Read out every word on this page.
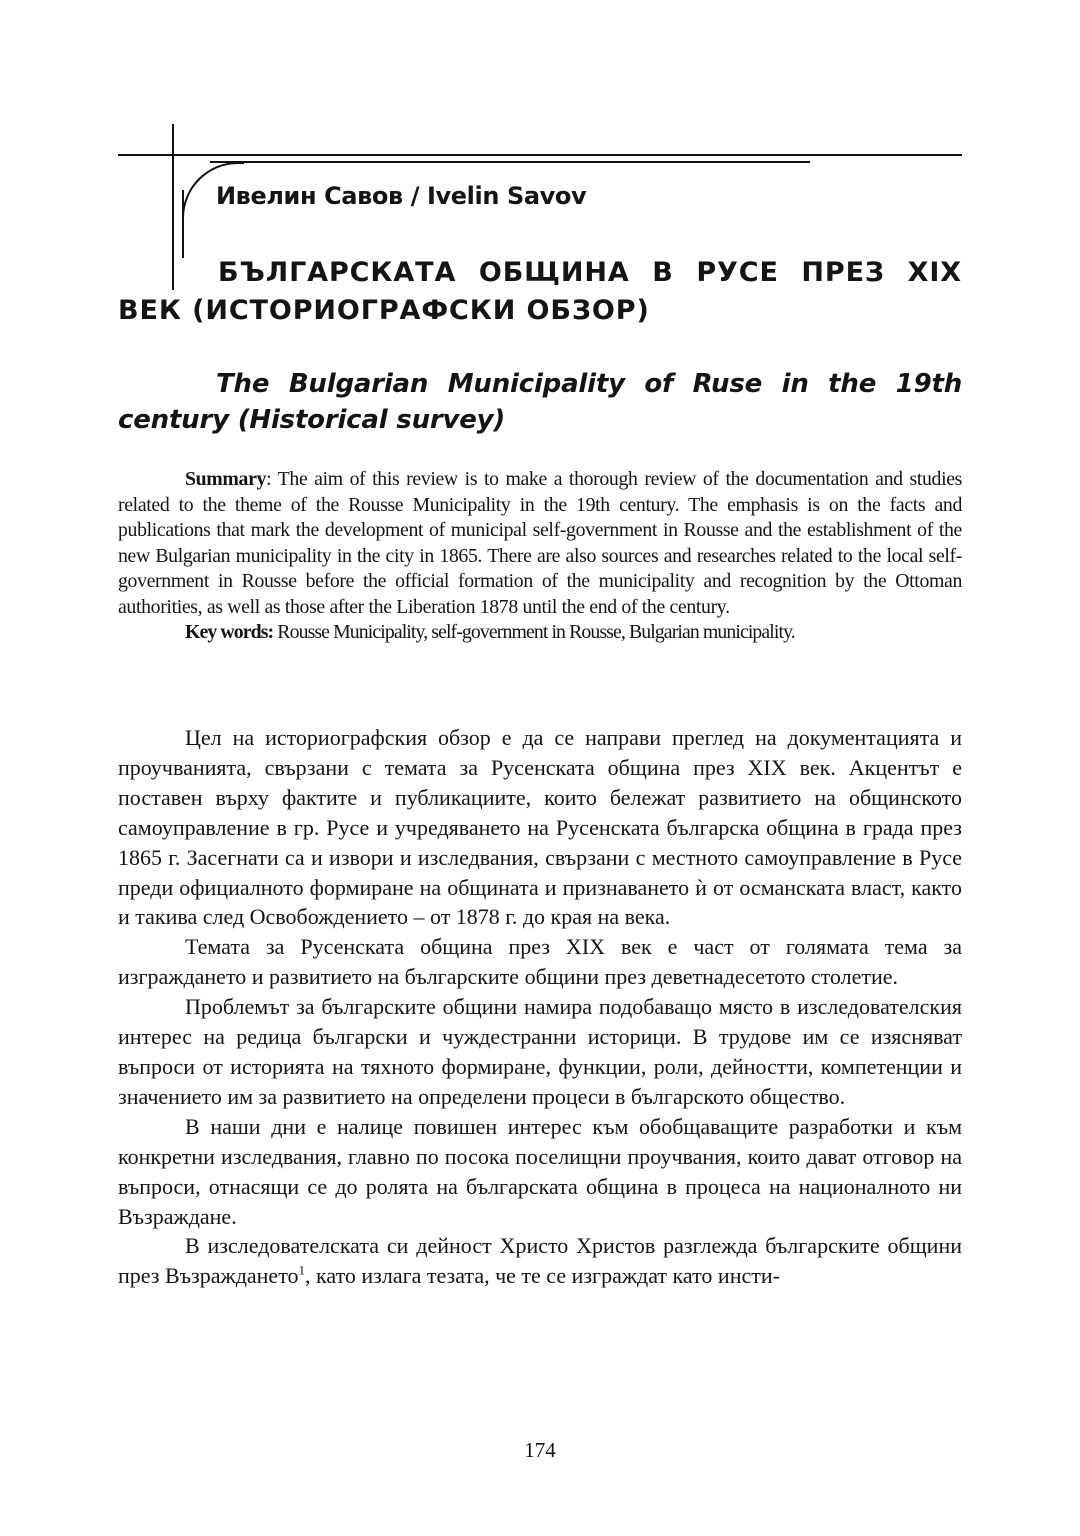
Ивелин Савов / Ivelin Savov
БЪЛГАРСКАТА ОБЩИНА В РУСЕ ПРЕЗ XIX ВЕК (ИСТОРИОГРАФСКИ ОБЗОР)
The Bulgarian Municipality of Ruse in the 19th century (Historical survey)

Summary: The aim of this review is to make a thorough review of the documentation and studies related to the theme of the Rousse Municipality in the 19th century. The emphasis is on the facts and publications that mark the development of municipal self-government in Rousse and the establishment of the new Bulgarian municipality in the city in 1865. There are also sources and researches related to the local self-government in Rousse before the official formation of the municipality and recognition by the Ottoman authorities, as well as those after the Liberation 1878 until the end of the century.

Key words: Rousse Municipality, self-government in Rousse, Bulgarian municipality.

Цел на историографския обзор е да се направи преглед на документацията и проучванията, свързани с темата за Русенската община през XIX век. Акцентът е поставен върху фактите и публикациите, които бележат развитието на общинското самоуправление в гр. Русе и учредяването на Русенската българска община в града през 1865 г. Засегнати са и извори и изследвания, свързани с местното самоуправление в Русе преди официалното формиране на общината и признаването ѝ от османската власт, както и такива след Освобождението – от 1878 г. до края на века.

Темата за Русенската община през XIX век е част от голямата тема за изграждането и развитието на българските общини през деветнадесетото столетие.

Проблемът за българските общини намира подобаващо място в изследователския интерес на редица български и чуждестранни историци. В трудове им се изясняват въпроси от историята на тяхното формиране, функции, роли, дейностти, компетенции и значението им за развитието на определени процеси в българското общество.

В наши дни е налице повишен интерес към обобщаващите разработки и към конкретни изследвания, главно по посока поселищни проучвания, които дават отговор на въпроси, отнасящи се до ролята на българската община в процеса на националното ни Възраждане.

В изследователската си дейност Христо Христов разглежда българските общини през Възраждането$^1$, като излага тезата, че те се изграждат като инсти-

174
